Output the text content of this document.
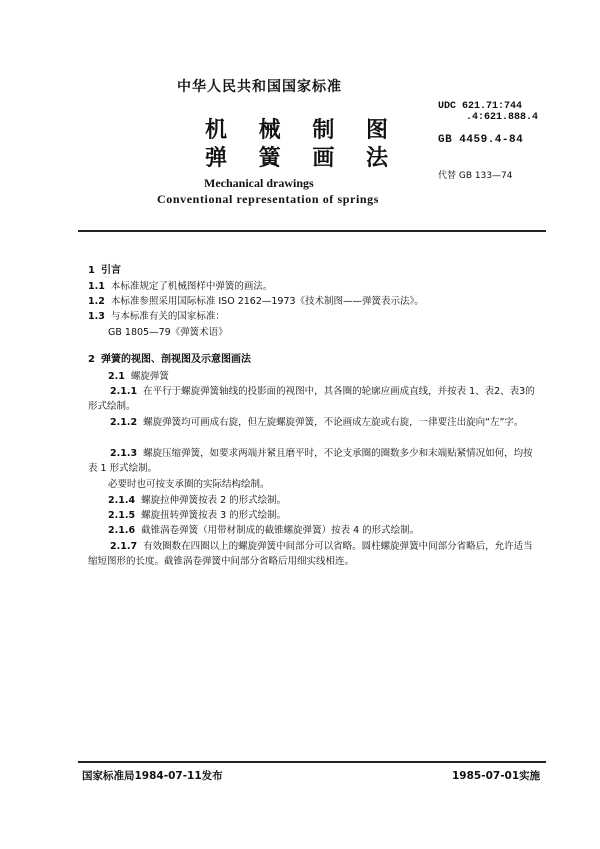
中华人民共和国国家标准
机 械 制 图
弹 簧 画 法
Mechanical drawings
Conventional representation of springs
UDC 621.71:744
.4:621.888.4
GB 4459.4-84
代替 GB 133—74
1 引言
1.1 本标准规定了机械图样中弹簧的画法。
1.2 本标准参照采用国际标准 ISO 2162—1973《技术制图——弹簧表示法》。
1.3 与本标准有关的国家标准：
GB 1805—79《弹簧术语》
2 弹簧的视图、剖视图及示意图画法
2.1 螺旋弹簧
2.1.1 在平行于螺旋弹簧轴线的投影面的视图中，其各圈的轮廓应画成直线，并按表 1、表2、表3的形式绘制。
2.1.2 螺旋弹簧均可画成右旋，但左旋螺旋弹簧，不论画成左旋或右旋，一律要注出旋向“左”字。
2.1.3 螺旋压缩弹簧，如要求两端并紧且磨平时，不论支承圈的圈数多少和末端贴紧情况如何，均按表 1 形式绘制。
必要时也可按支承圈的实际结构绘制。
2.1.4 螺旋拉伸弹簧按表 2 的形式绘制。
2.1.5 螺旋扭转弹簧按表 3 的形式绘制。
2.1.6 截锥涡卷弹簧（用带材制成的截锥螺旋弹簧）按表 4 的形式绘制。
2.1.7 有效圈数在四圈以上的螺旋弹簧中间部分可以省略。圆柱螺旋弹簧中间部分省略后，允许适当缩短图形的长度。截锥涡卷弹簧中间部分省略后用细实线相连。
国家标准局1984-07-11发布	1985-07-01实施
